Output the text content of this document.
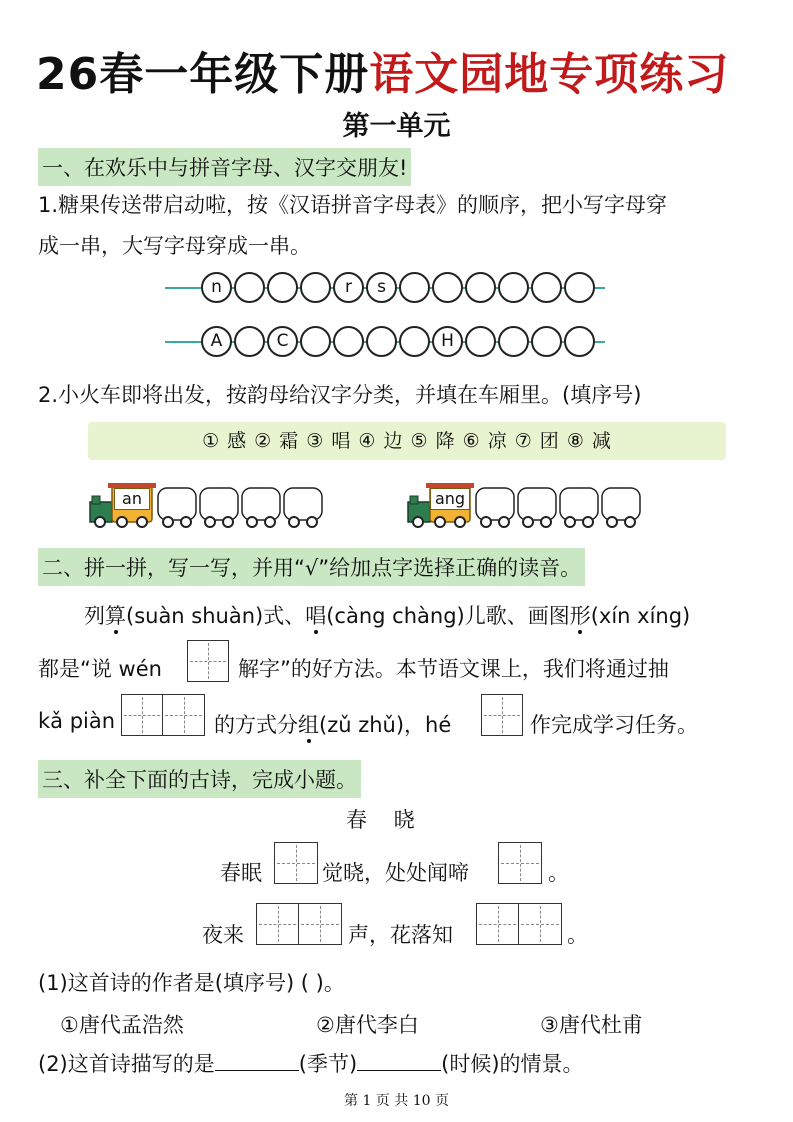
26春一年级下册语文园地专项练习
第一单元
一、在欢乐中与拼音字母、汉字交朋友!
1.糖果传送带启动啦，按《汉语拼音字母表》的顺序，把小写字母穿
成一串，大写字母穿成一串。
n	r	s
A	C	H
2.小火车即将出发，按韵母给汉字分类，并填在车厢里。(填序号)
① 感 ② 霜 ③ 唱 ④ 边 ⑤ 降 ⑥ 凉 ⑦ 团 ⑧ 减
an	ang
二、拼一拼，写一写，并用“√”给加点字选择正确的读音。
列算(suàn shuàn)式、唱(càng chàng)儿歌、画图形(xín xíng)
都是“说 wén	解字”的好方法。本节语文课上，我们将通过抽
kǎ piàn	的方式分组(zǔ zhǔ)，hé	作完成学习任务。
三、补全下面的古诗，完成小题。
春 晓
春眠	觉晓，处处闻啼	。
夜来	声，花落知	。
(1)这首诗的作者是(填序号) ( )。
①唐代孟浩然	②唐代李白	③唐代杜甫
(2)这首诗描写的是	(季节)	(时候)的情景。
第 1 页 共 10 页
